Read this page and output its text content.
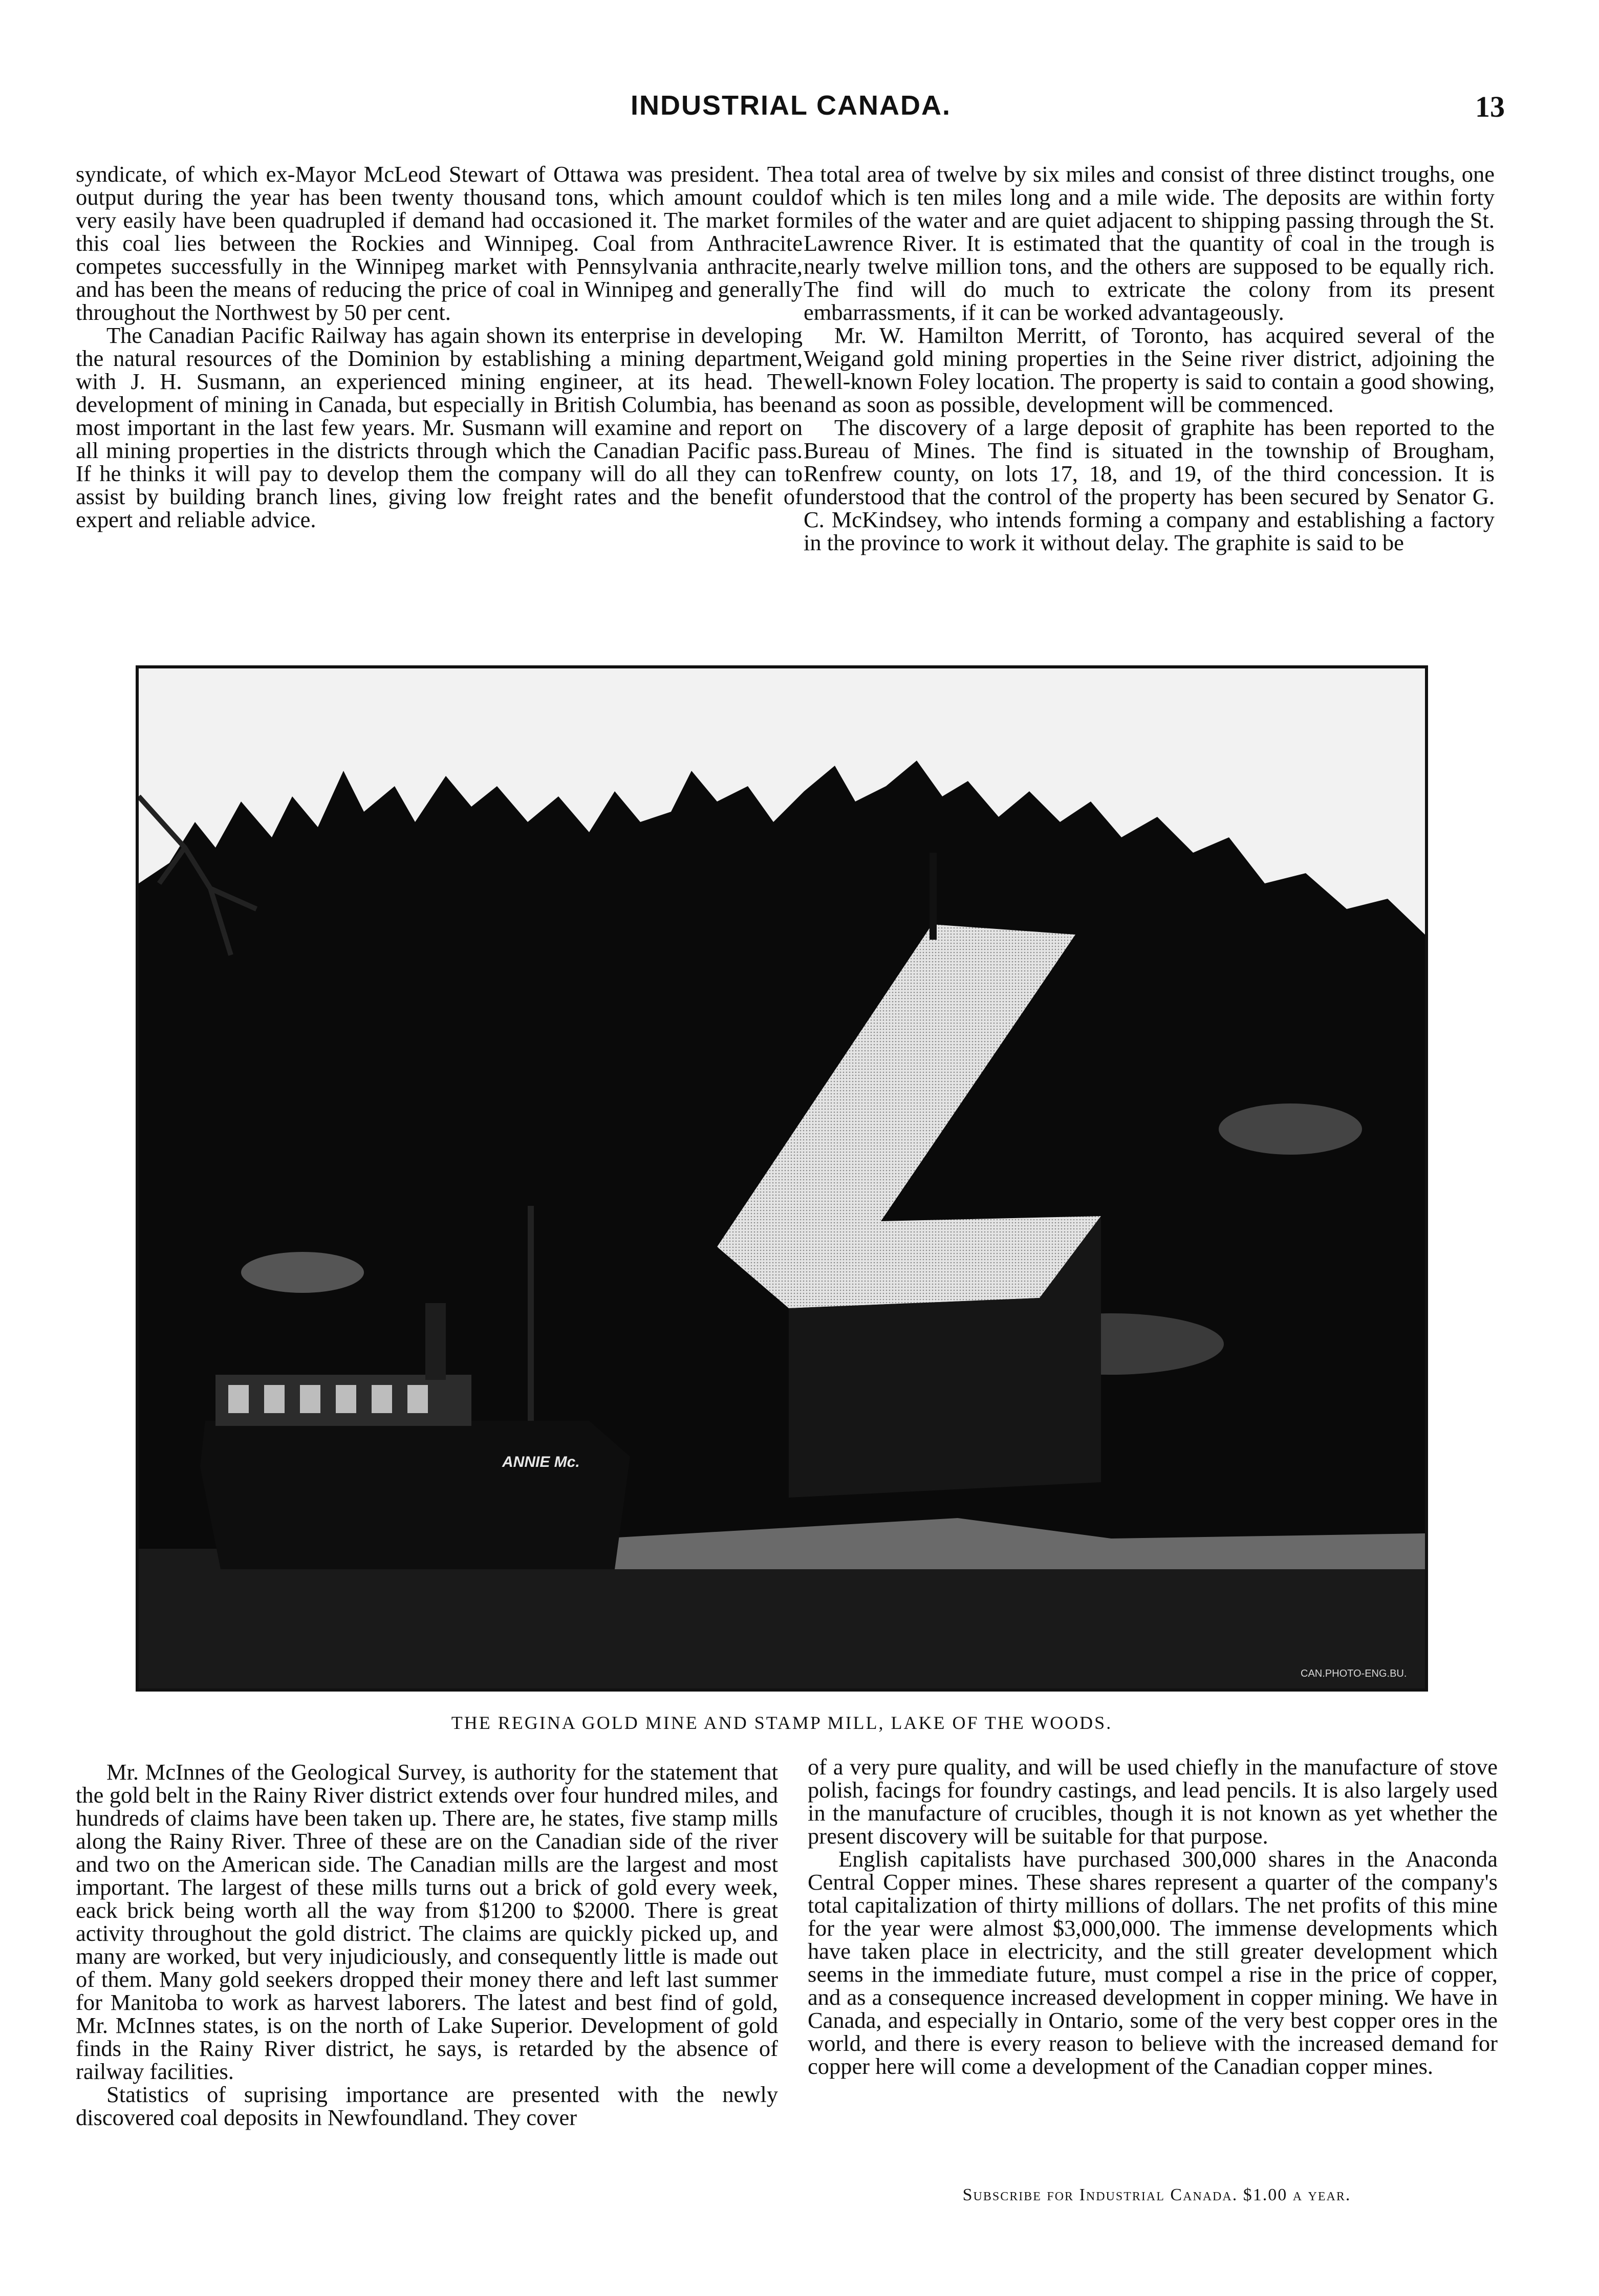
INDUSTRIAL CANADA.	13

syndicate, of which ex-Mayor McLeod Stewart of Ottawa was president. The output during the year has been twenty thousand tons, which amount could very easily have been quadrupled if demand had occasioned it. The market for this coal lies between the Rockies and Winnipeg. Coal from Anthracite competes successfully in the Winnipeg market with Pennsylvania anthracite, and has been the means of reducing the price of coal in Winnipeg and generally throughout the Northwest by 50 per cent.

The Canadian Pacific Railway has again shown its enterprise in developing the natural resources of the Dominion by establishing a mining department, with J. H. Susmann, an experienced mining engineer, at its head. The development of mining in Canada, but especially in British Columbia, has been most important in the last few years. Mr. Susmann will examine and report on all mining properties in the districts through which the Canadian Pacific pass. If he thinks it will pay to develop them the company will do all they can to assist by building branch lines, giving low freight rates and the benefit of expert and reliable advice.

a total area of twelve by six miles and consist of three distinct troughs, one of which is ten miles long and a mile wide. The deposits are within forty miles of the water and are quiet adjacent to shipping passing through the St. Lawrence River. It is estimated that the quantity of coal in the trough is nearly twelve million tons, and the others are supposed to be equally rich. The find will do much to extricate the colony from its present embarrassments, if it can be worked advantageously.

Mr. W. Hamilton Merritt, of Toronto, has acquired several of the Weigand gold mining properties in the Seine river district, adjoining the well-known Foley location. The property is said to contain a good showing, and as soon as possible, development will be commenced.

The discovery of a large deposit of graphite has been reported to the Bureau of Mines. The find is situated in the township of Brougham, Renfrew county, on lots 17, 18, and 19, of the third concession. It is understood that the control of the property has been secured by Senator G. C. McKindsey, who intends forming a company and establishing a factory in the province to work it without delay. The graphite is said to be

ANNIE Mc.
CAN.PHOTO-ENG.BU.
THE REGINA GOLD MINE AND STAMP MILL, LAKE OF THE WOODS.

Mr. McInnes of the Geological Survey, is authority for the statement that the gold belt in the Rainy River district extends over four hundred miles, and hundreds of claims have been taken up. There are, he states, five stamp mills along the Rainy River. Three of these are on the Canadian side of the river and two on the American side. The Canadian mills are the largest and most important. The largest of these mills turns out a brick of gold every week, eack brick being worth all the way from $1200 to $2000. There is great activity throughout the gold district. The claims are quickly picked up, and many are worked, but very injudiciously, and consequently little is made out of them. Many gold seekers dropped their money there and left last summer for Manitoba to work as harvest laborers. The latest and best find of gold, Mr. McInnes states, is on the north of Lake Superior. Development of gold finds in the Rainy River district, he says, is retarded by the absence of railway facilities.

Statistics of suprising importance are presented with the newly discovered coal deposits in Newfoundland. They cover

of a very pure quality, and will be used chiefly in the manufacture of stove polish, facings for foundry castings, and lead pencils. It is also largely used in the manufacture of crucibles, though it is not known as yet whether the present discovery will be suitable for that purpose.

English capitalists have purchased 300,000 shares in the Anaconda Central Copper mines. These shares represent a quarter of the company's total capitalization of thirty millions of dollars. The net profits of this mine for the year were almost $3,000,000. The immense developments which have taken place in electricity, and the still greater development which seems in the immediate future, must compel a rise in the price of copper, and as a consequence increased development in copper mining. We have in Canada, and especially in Ontario, some of the very best copper ores in the world, and there is every reason to believe with the increased demand for copper here will come a development of the Canadian copper mines.

Subscribe for Industrial Canada. $1.00 a year.
